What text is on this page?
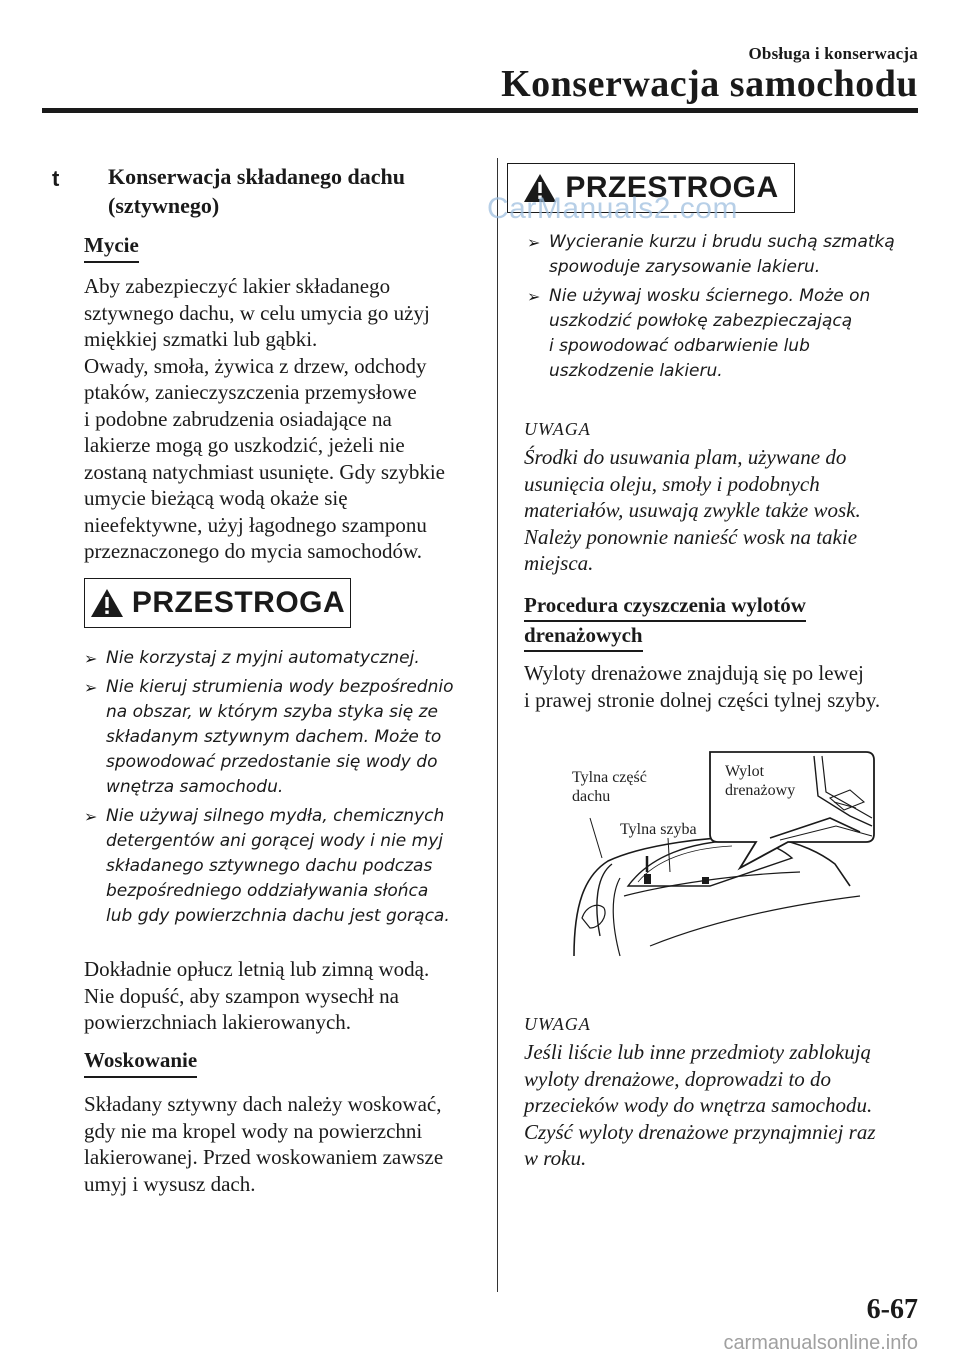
Obsługa i konserwacja
Konserwacja samochodu
t Konserwacja składanego dachu
(sztywnego)
Mycie

Aby zabezpieczyć lakier składanego

sztywnego dachu, w celu umycia go użyj

miękkiej szmatki lub gąbki.

Owady, smoła, żywica z drzew, odchody

ptaków, zanieczyszczenia przemysłowe

i podobne zabrudzenia osiadające na

lakierze mogą go uszkodzić, jeżeli nie

zostaną natychmiast usunięte. Gdy szybkie

umycie bieżącą wodą okaże się

nieefektywne, użyj łagodnego szamponu

przeznaczonego do mycia samochodów.

PRZESTROGA
➢ Nie korzystaj z myjni automatycznej.
➢ Nie kieruj strumienia wody bezpośrednio
na obszar, w którym szyba styka się ze
składanym sztywnym dachem. Może to
spowodować przedostanie się wody do
wnętrza samochodu.
➢ Nie używaj silnego mydła, chemicznych
detergentów ani gorącej wody i nie myj
składanego sztywnego dachu podczas
bezpośredniego oddziaływania słońca
lub gdy powierzchnia dachu jest gorąca.

Dokładnie opłucz letnią lub zimną wodą.

Nie dopuść, aby szampon wysechł na

powierzchniach lakierowanych.

Woskowanie

Składany sztywny dach należy woskować,

gdy nie ma kropel wody na powierzchni

lakierowanej. Przed woskowaniem zawsze

umyj i wysusz dach.

PRZESTROGA
CarManuals2.com
➢ Wycieranie kurzu i brudu suchą szmatką
spowoduje zarysowanie lakieru.
➢ Nie używaj wosku ściernego. Może on
uszkodzić powłokę zabezpieczającą
i spowodować odbarwienie lub
uszkodzenie lakieru.
UWAGA
Środki do usuwania plam, używane do
usunięcia oleju, smoły i podobnych
materiałów, usuwają zwykle także wosk.
Należy ponownie nanieść wosk na takie
miejsca.
Procedura czyszczenia wylotów
drenażowych

Wyloty drenażowe znajdują się po lewej

i prawej stronie dolnej części tylnej szyby.

Tylna część
dachu
Tylna szyba
Wylot
drenażowy
UWAGA
Jeśli liście lub inne przedmioty zablokują
wyloty drenażowe, doprowadzi to do
przecieków wody do wnętrza samochodu.
Czyść wyloty drenażowe przynajmniej raz
w roku.
6-67
carmanualsonline.info
